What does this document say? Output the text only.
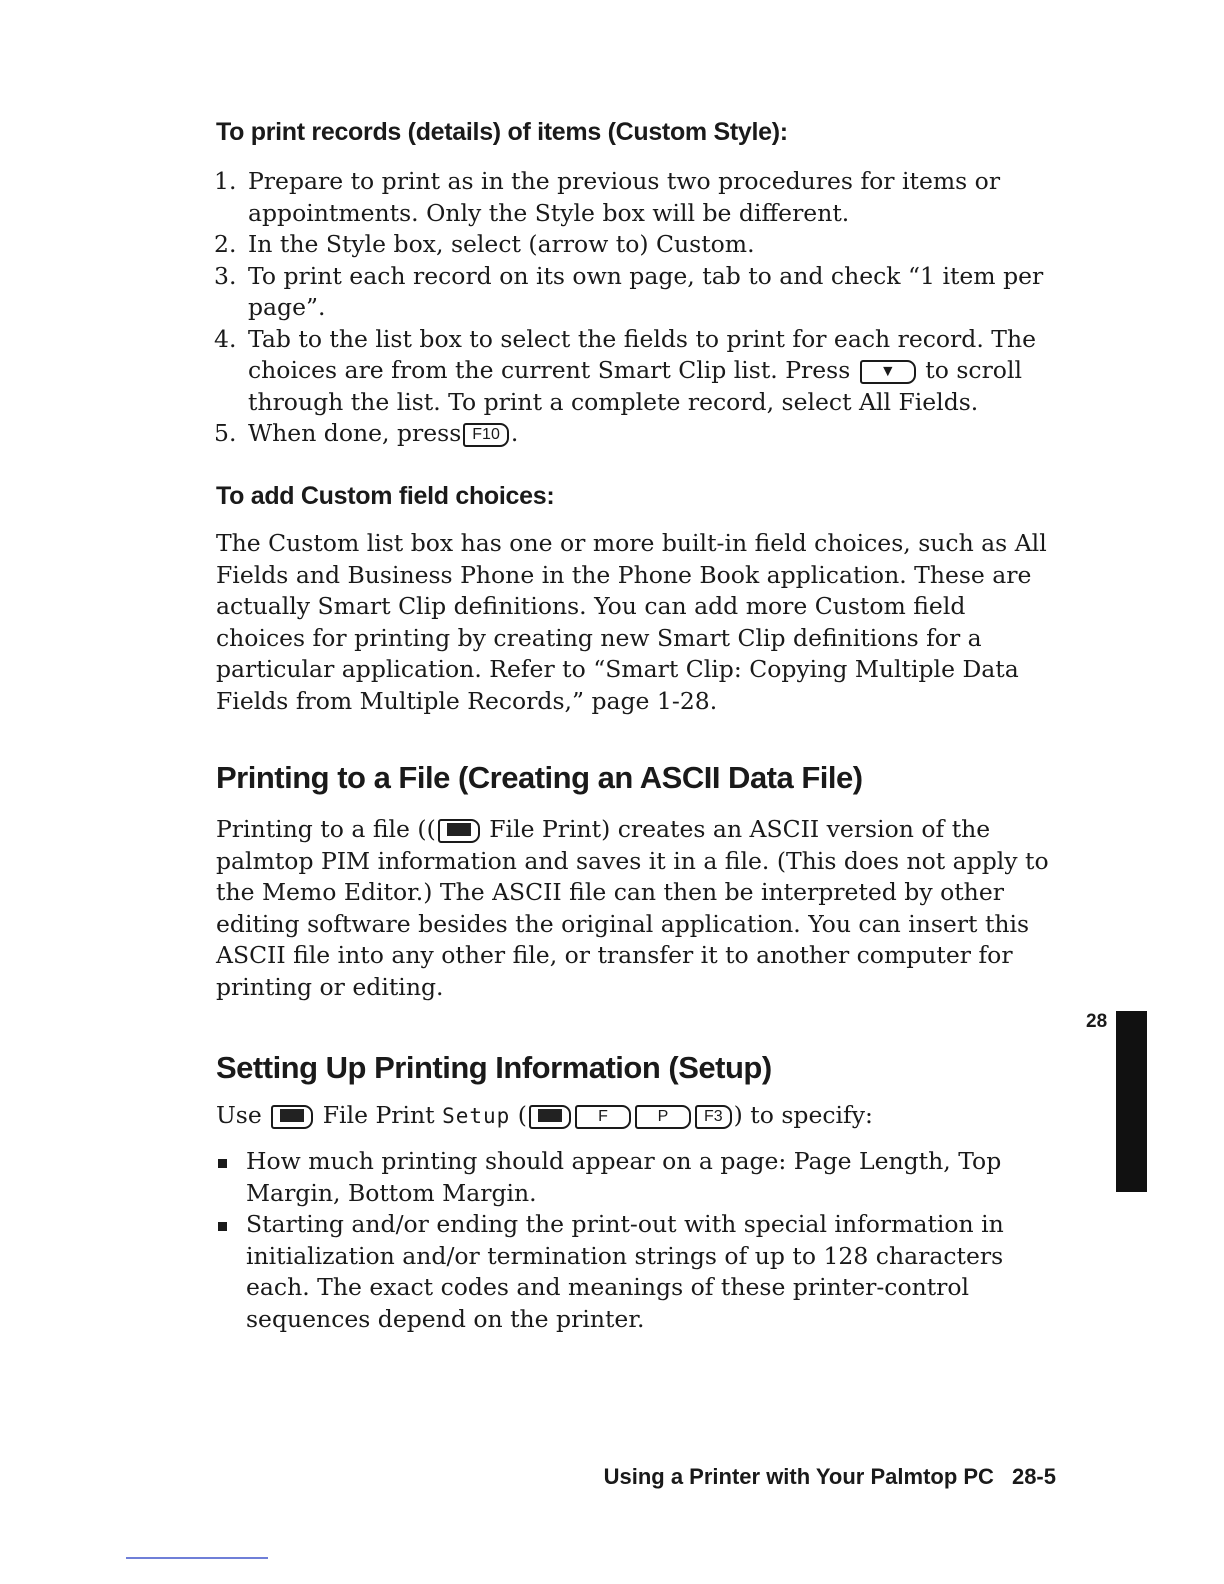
To print records (details) of items (Custom Style):
1. Prepare to print as in the previous two procedures for items or appointments. Only the Style box will be different.
2. In the Style box, select (arrow to) Custom.
3. To print each record on its own page, tab to and check “1 item per page”.
4. Tab to the list box to select the fields to print for each record. The choices are from the current Smart Clip list. Press ▼ to scroll through the list. To print a complete record, select All Fields.
5. When done, press F10 .
To add Custom field choices:

The Custom list box has one or more built-in field choices, such as All Fields and Business Phone in the Phone Book application. These are actually Smart Clip definitions. You can add more Custom field choices for printing by creating new Smart Clip definitions for a particular application. Refer to “Smart Clip: Copying Multiple Data Fields from Multiple Records,” page 1-28.

Printing to a File (Creating an ASCII Data File)

Printing to a file (( File Print) creates an ASCII version of the palmtop PIM information and saves it in a file. (This does not apply to the Memo Editor.) The ASCII file can then be interpreted by other editing software besides the original application. You can insert this ASCII file into any other file, or transfer it to another computer for printing or editing.

Setting Up Printing Information (Setup)

Use	File Print Setup (	F	P F3 ) to specify:

How much printing should appear on a page: Page Length, Top Margin, Bottom Margin.
Starting and/or ending the print-out with special information in initialization and/or termination strings of up to 128 characters each. The exact codes and meanings of these printer-control sequences depend on the printer.
28
Using a Printer with Your Palmtop PC 28-5
